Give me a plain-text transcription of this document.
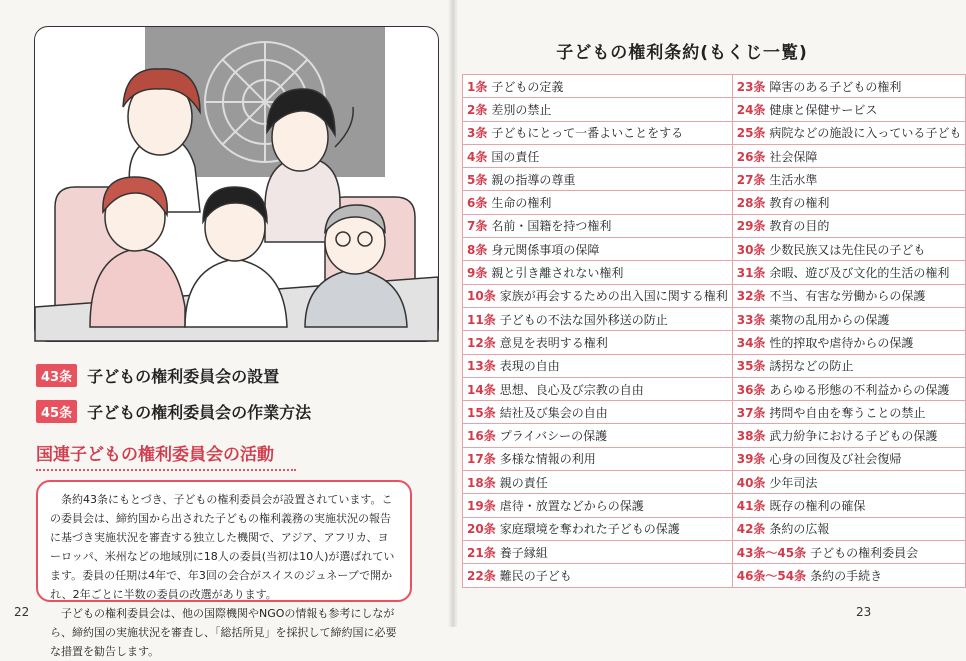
43条 子どもの権利委員会の設置
45条 子どもの権利委員会の作業方法
国連子どもの権利委員会の活動

条約43条にもとづき、子どもの権利委員会が設置されています。この委員会は、締約国から出された子どもの権利義務の実施状況の報告に基づき実施状況を審査する独立した機関で、アジア、アフリカ、ヨーロッパ、米州などの地域別に18人の委員(当初は10人)が選ばれています。委員の任期は4年で、年3回の会合がスイスのジュネーブで開かれ、2年ごとに半数の委員の改選があります。

子どもの権利委員会は、他の国際機関やNGOの情報も参考にしながら、締約国の実施状況を審査し、「総括所見」を採択して締約国に必要な措置を勧告します。

22
子どもの権利条約(もくじ一覧)
1条 子どもの定義	23条 障害のある子どもの権利
2条 差別の禁止	24条 健康と保健サービス
3条 子どもにとって一番よいことをする	25条 病院などの施設に入っている子ども
4条 国の責任	26条 社会保障
5条 親の指導の尊重	27条 生活水準
6条 生命の権利	28条 教育の権利
7条 名前・国籍を持つ権利	29条 教育の目的
8条 身元関係事項の保障	30条 少数民族又は先住民の子ども
9条 親と引き離されない権利	31条 余暇、遊び及び文化的生活の権利
10条 家族が再会するための出入国に関する権利	32条 不当、有害な労働からの保護
11条 子どもの不法な国外移送の防止	33条 薬物の乱用からの保護
12条 意見を表明する権利	34条 性的搾取や虐待からの保護
13条 表現の自由	35条 誘拐などの防止
14条 思想、良心及び宗教の自由	36条 あらゆる形態の不利益からの保護
15条 結社及び集会の自由	37条 拷問や自由を奪うことの禁止
16条 プライバシーの保護	38条 武力紛争における子どもの保護
17条 多様な情報の利用	39条 心身の回復及び社会復帰
18条 親の責任	40条 少年司法
19条 虐待・放置などからの保護	41条 既存の権利の確保
20条 家庭環境を奪われた子どもの保護	42条 条約の広報
21条 養子縁組	43条〜45条 子どもの権利委員会
22条 難民の子ども	46条〜54条 条約の手続き
23
